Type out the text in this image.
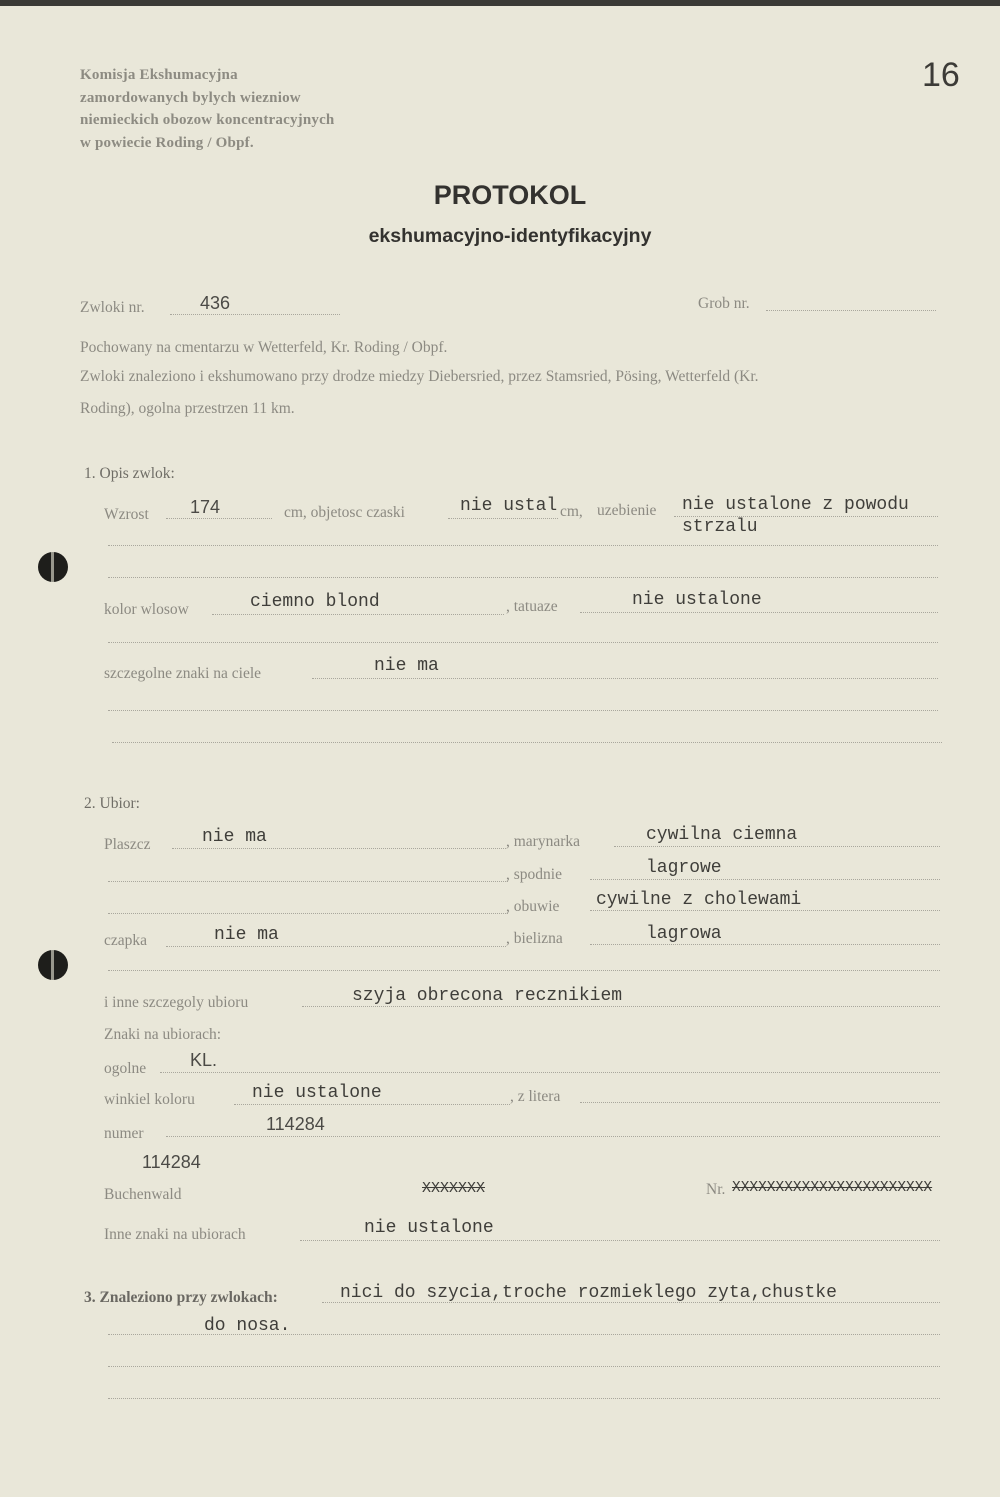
Komisja Ekshumacyjna
zamordowanych bylych wiezniow
niemieckich obozow koncentracyjnych
w powiecie Roding / Obpf.
16
PROTOKOL
ekshumacyjno-identyfikacyjny
Zwloki nr.	436	Grob nr.
Pochowany na cmentarzu w Wetterfeld, Kr. Roding / Obpf.
Zwloki znaleziono i ekshumowano przy drodze miedzy Diebersried, przez Stamsried, Pösing, Wetterfeld (Kr.
Roding), ogolna przestrzen 11 km.
1. Opis zwlok:
Wzrost 174	cm, objetosc czaski	nie ustal cm, uzebienie nie ustalone z powodu
strzalu
kolor wlosow	ciemno blond	, tatuaze	nie ustalone
szczegolne znaki na ciele	nie ma
2. Ubior:
Plaszcz	nie ma	, marynarka	cywilna ciemna
, spodnie	lagrowe
, obuwie cywilne z cholewami
czapka	nie ma	, bielizna	lagrowa
i inne szczegoly ubioru	szyja obrecona recznikiem
Znaki na ubiorach:
ogolne KL.
winkiel koloru	nie ustalone	, z litera
numer	114284
114284
Buchenwald	XXXXXXX	Nr. XXXXXXXXXXXXXXXXXXXXXXX
Inne znaki na ubiorach	nie ustalone
3. Znaleziono przy zwlokach:	nici do szycia,troche rozmieklego zyta,chustke
do nosa.
